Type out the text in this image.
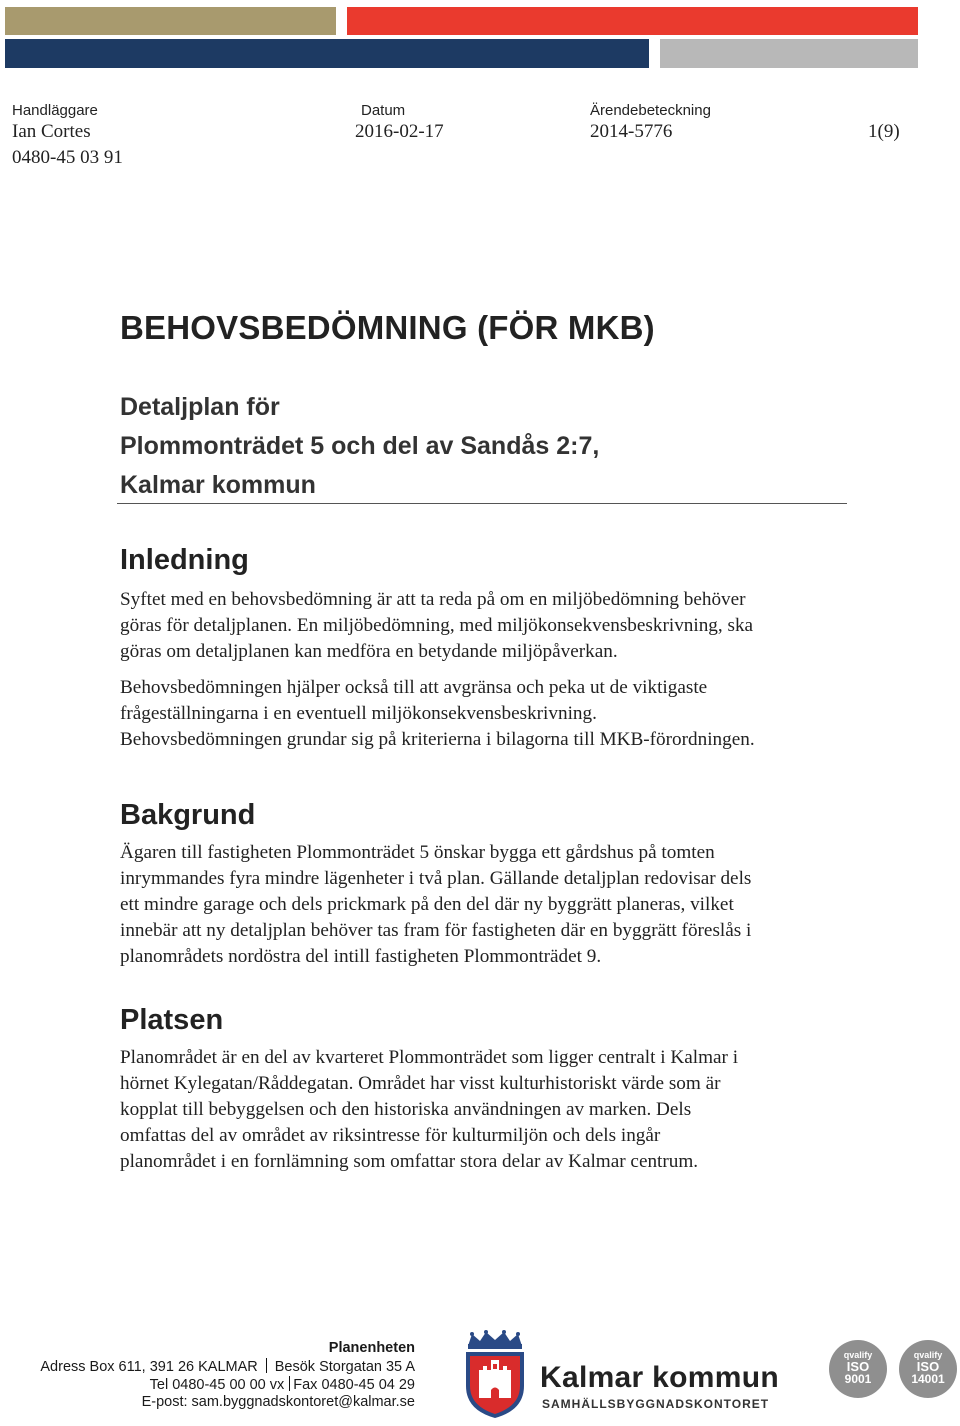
Handläggare
Ian Cortes
0480-45 03 91
Datum
2016-02-17
Ärendebeteckning
2014-5776	1(9)
BEHOVSBEDÖMNING (FÖR MKB)
Detaljplan för
Plommonträdet 5 och del av Sandås 2:7,
Kalmar kommun
Inledning
Syftet med en behovsbedömning är att ta reda på om en miljöbedömning behöver
göras för detaljplanen. En miljöbedömning, med miljökonsekvensbeskrivning, ska
göras om detaljplanen kan medföra en betydande miljöpåverkan.
Behovsbedömningen hjälper också till att avgränsa och peka ut de viktigaste
frågeställningarna i en eventuell miljökonsekvensbeskrivning.
Behovsbedömningen grundar sig på kriterierna i bilagorna till MKB-förordningen.
Bakgrund
Ägaren till fastigheten Plommonträdet 5 önskar bygga ett gårdshus på tomten
inrymmandes fyra mindre lägenheter i två plan. Gällande detaljplan redovisar dels
ett mindre garage och dels prickmark på den del där ny byggrätt planeras, vilket
innebär att ny detaljplan behöver tas fram för fastigheten där en byggrätt föreslås i
planområdets nordöstra del intill fastigheten Plommonträdet 9.
Platsen
Planområdet är en del av kvarteret Plommonträdet som ligger centralt i Kalmar i
hörnet Kylegatan/Råddegatan. Området har visst kulturhistoriskt värde som är
kopplat till bebyggelsen och den historiska användningen av marken. Dels
omfattas del av området av riksintresse för kulturmiljön och dels ingår
planområdet i en fornlämning som omfattar stora delar av Kalmar centrum.
Planenheten
Adress Box 611, 391 26 KALMAR Besök Storgatan 35 A
Tel 0480-45 00 00 vx Fax 0480-45 04 29
E-post: sam.byggnadskontoret@kalmar.se
Kalmar kommun
SAMHÄLLSBYGGNADSKONTORET
qvalify
ISO
9001
qvalify
ISO
14001
